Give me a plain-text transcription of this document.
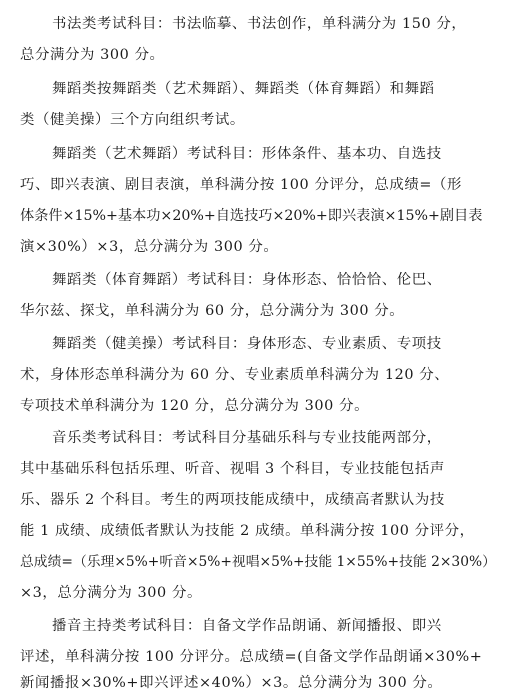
书法类考试科目：书法临摹、书法创作，单科满分为 150 分，
总分满分为 300 分。
舞蹈类按舞蹈类（艺术舞蹈）、舞蹈类（体育舞蹈）和舞蹈
类（健美操）三个方向组织考试。
舞蹈类（艺术舞蹈）考试科目：形体条件、基本功、自选技
巧、即兴表演、剧目表演，单科满分按 100 分评分，总成绩=（形
体条件×15%+基本功×20%+自选技巧×20%+即兴表演×15%+剧目表
演×30%）×3，总分满分为 300 分。
舞蹈类（体育舞蹈）考试科目：身体形态、恰恰恰、伦巴、
华尔兹、探戈，单科满分为 60 分，总分满分为 300 分。
舞蹈类（健美操）考试科目：身体形态、专业素质、专项技
术，身体形态单科满分为 60 分、专业素质单科满分为 120 分、
专项技术单科满分为 120 分，总分满分为 300 分。
音乐类考试科目：考试科目分基础乐科与专业技能两部分，
其中基础乐科包括乐理、听音、视唱 3 个科目，专业技能包括声
乐、器乐 2 个科目。考生的两项技能成绩中，成绩高者默认为技
能 1 成绩、成绩低者默认为技能 2 成绩。单科满分按 100 分评分，
总成绩=（乐理×5%+听音×5%+视唱×5%+技能 1×55%+技能 2×30%）
×3，总分满分为 300 分。
播音主持类考试科目：自备文学作品朗诵、新闻播报、即兴
评述，单科满分按 100 分评分。总成绩=(自备文学作品朗诵×30%+
新闻播报×30%+即兴评述×40%）×3。总分满分为 300 分。
